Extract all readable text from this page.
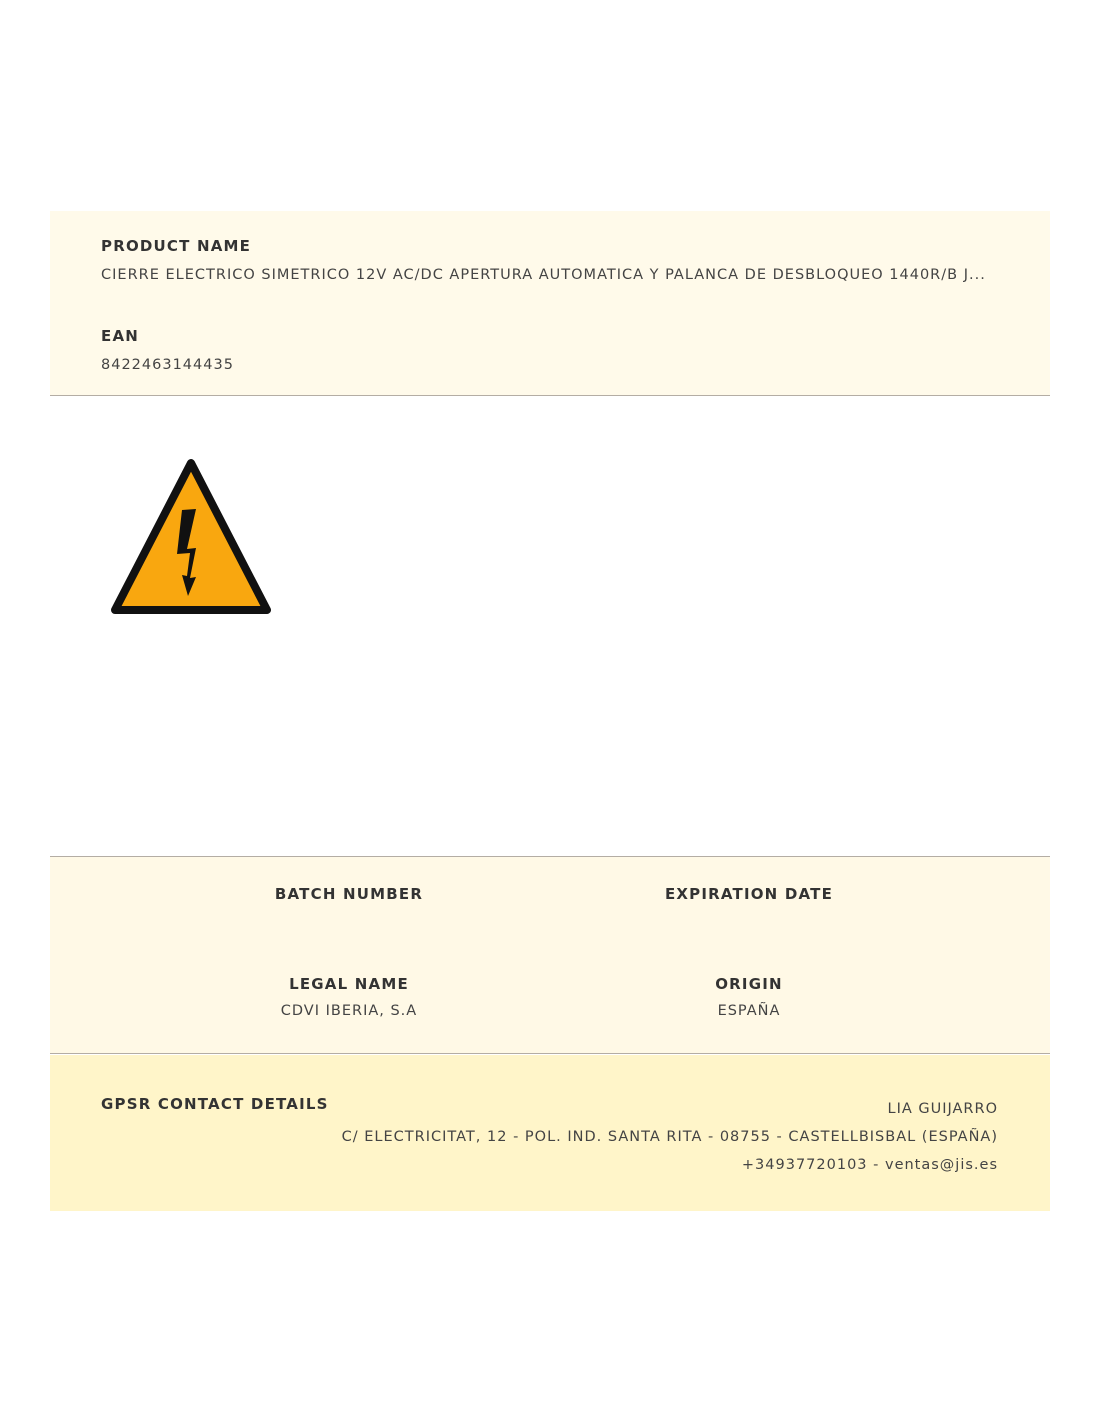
PRODUCT NAME
CIERRE ELECTRICO SIMETRICO 12V AC/DC APERTURA AUTOMATICA Y PALANCA DE DESBLOQUEO 1440R/B J...
EAN
8422463144435
BATCH NUMBER	EXPIRATION DATE
LEGAL NAME
CDVI IBERIA, S.A
ORIGIN
ESPAÑA
GPSR CONTACT DETAILS	LIA GUIJARRO
C/ ELECTRICITAT, 12 - POL. IND. SANTA RITA - 08755 - CASTELLBISBAL (ESPAÑA)
+34937720103 - ventas@jis.es
